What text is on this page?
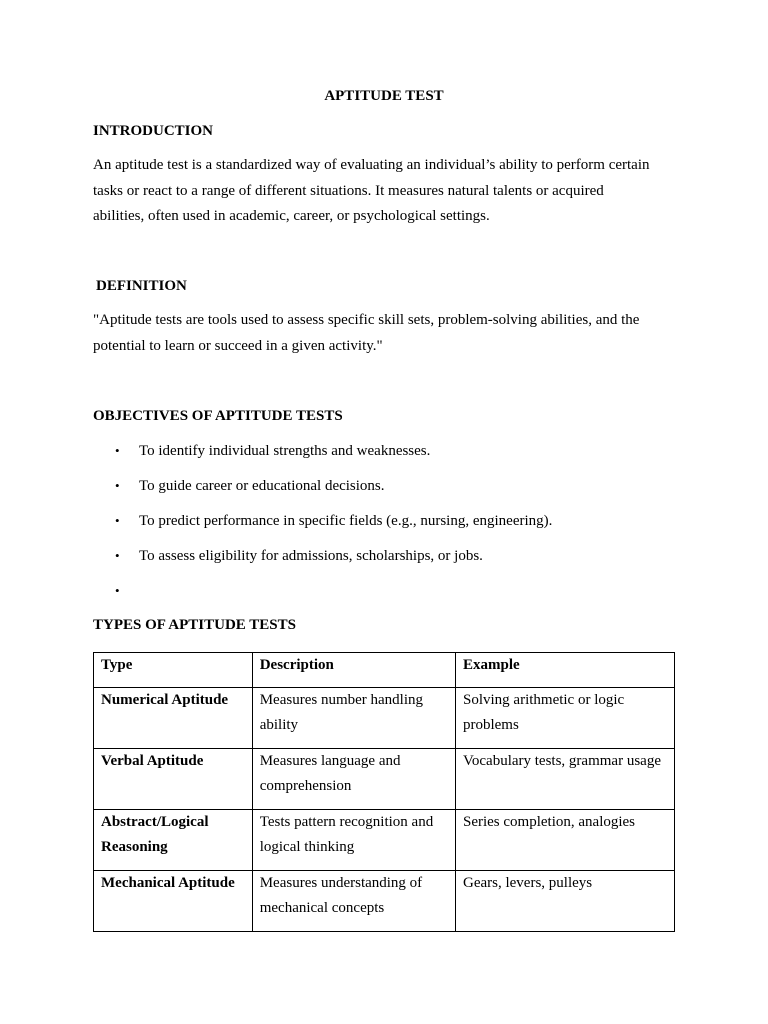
APTITUDE TEST
INTRODUCTION

An aptitude test is a standardized way of evaluating an individual’s ability to perform certain

tasks or react to a range of different situations. It measures natural talents or acquired

abilities, often used in academic, career, or psychological settings.

DEFINITION

"Aptitude tests are tools used to assess specific skill sets, problem-solving abilities, and the

potential to learn or succeed in a given activity."

OBJECTIVES OF APTITUDE TESTS
• To identify individual strengths and weaknesses.
• To guide career or educational decisions.
• To predict performance in specific fields (e.g., nursing, engineering).
• To assess eligibility for admissions, scholarships, or jobs.
•
TYPES OF APTITUDE TESTS
Type	Description	Example
Numerical Aptitude	Measures number handling ability	Solving arithmetic or logic problems
Verbal Aptitude	Measures language and comprehension	Vocabulary tests, grammar usage
Abstract/Logical Reasoning	Tests pattern recognition and logical thinking	Series completion, analogies
Mechanical Aptitude	Measures understanding of mechanical concepts	Gears, levers, pulleys
